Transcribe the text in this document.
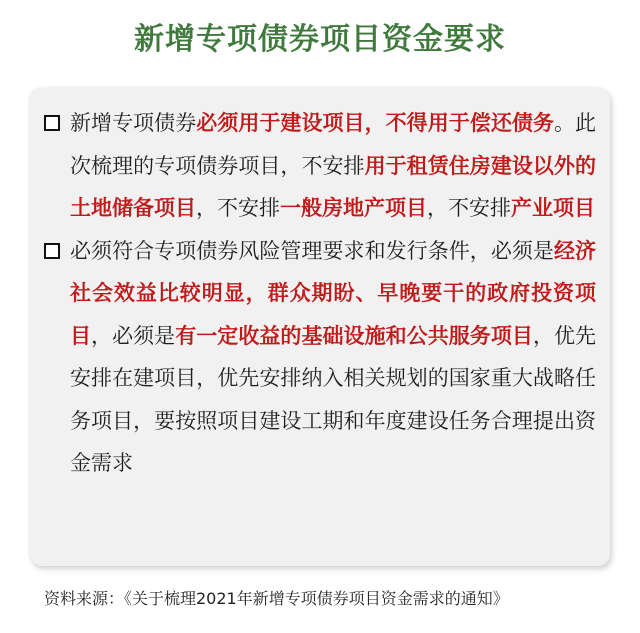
新增专项债券项目资金要求
新增专项债券必须用于建设项目，不得用于偿还债务。此次梳理的专项债券项目，不安排用于租赁住房建设以外的土地储备项目，不安排一般房地产项目，不安排产业项目
必须符合专项债券风险管理要求和发行条件，必须是经济社会效益比较明显，群众期盼、早晚要干的政府投资项目，必须是有一定收益的基础设施和公共服务项目，优先安排在建项目，优先安排纳入相关规划的国家重大战略任务项目，要按照项目建设工期和年度建设任务合理提出资金需求
资料来源：《关于梳理2021年新增专项债券项目资金需求的通知》
